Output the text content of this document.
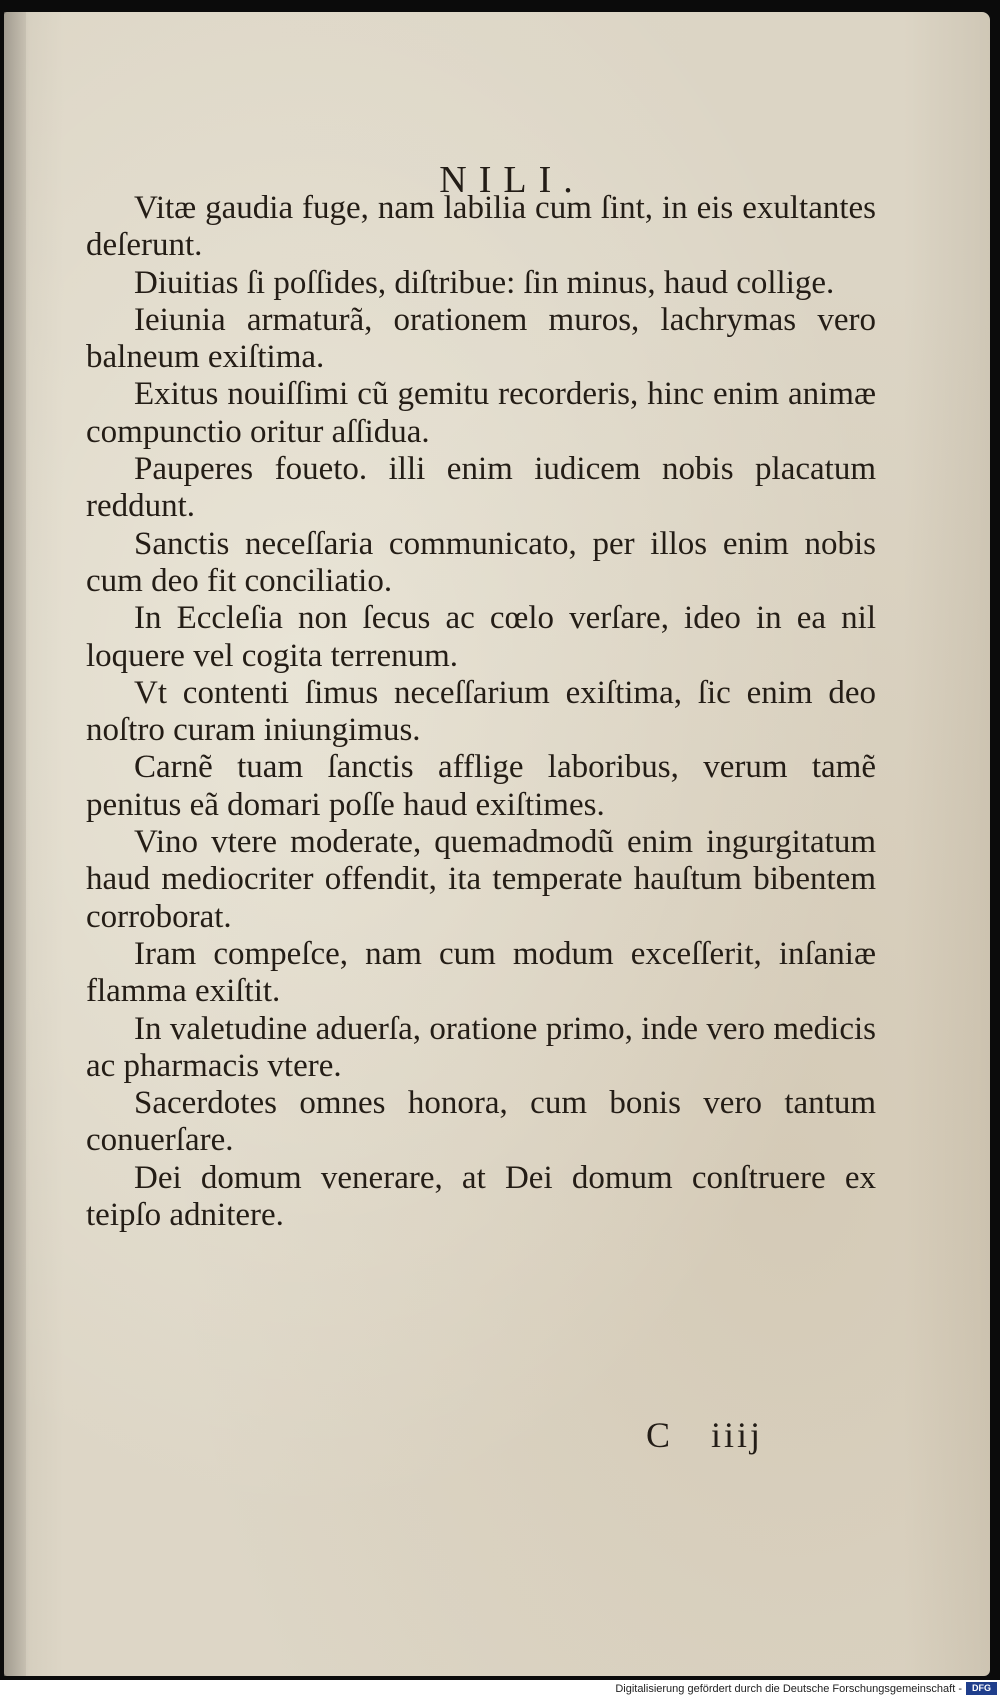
NILI.

Vitæ gaudia fuge, nam labilia cum ſint, in eis exultantes deſerunt.

Diuitias ſi poſſides, diſtribue: ſin minus, haud collige.

Ieiunia armaturã, orationem muros, lachrymas vero balneum exiſtima.

Exitus nouiſſimi cũ gemitu recorderis, hinc enim animæ compunctio oritur aſſidua.

Pauperes foueto. illi enim iudicem nobis placatum reddunt.

Sanctis neceſſaria communicato, per illos enim nobis cum deo fit conciliatio.

In Eccleſia non ſecus ac cœlo verſare, ideo in ea nil loquere vel cogita terrenum.

Vt contenti ſimus neceſſarium exiſtima, ſic enim deo noſtro curam iniungimus.

Carnẽ tuam ſanctis afflige laboribus, verum tamẽ penitus eã domari poſſe haud exiſtimes.

Vino vtere moderate, quemadmodũ enim ingurgitatum haud mediocriter offendit, ita temperate hauſtum bibentem corroborat.

Iram compeſce, nam cum modum exceſſerit, inſaniæ flamma exiſtit.

In valetudine aduerſa, oratione primo, inde vero medicis ac pharmacis vtere.

Sacerdotes omnes honora, cum bonis vero tantum conuerſare.

Dei domum venerare, at Dei domum conſtruere ex teipſo adnitere.

C iiij
Digitalisierung gefördert durch die Deutsche Forschungsgemeinschaft -	DFG
